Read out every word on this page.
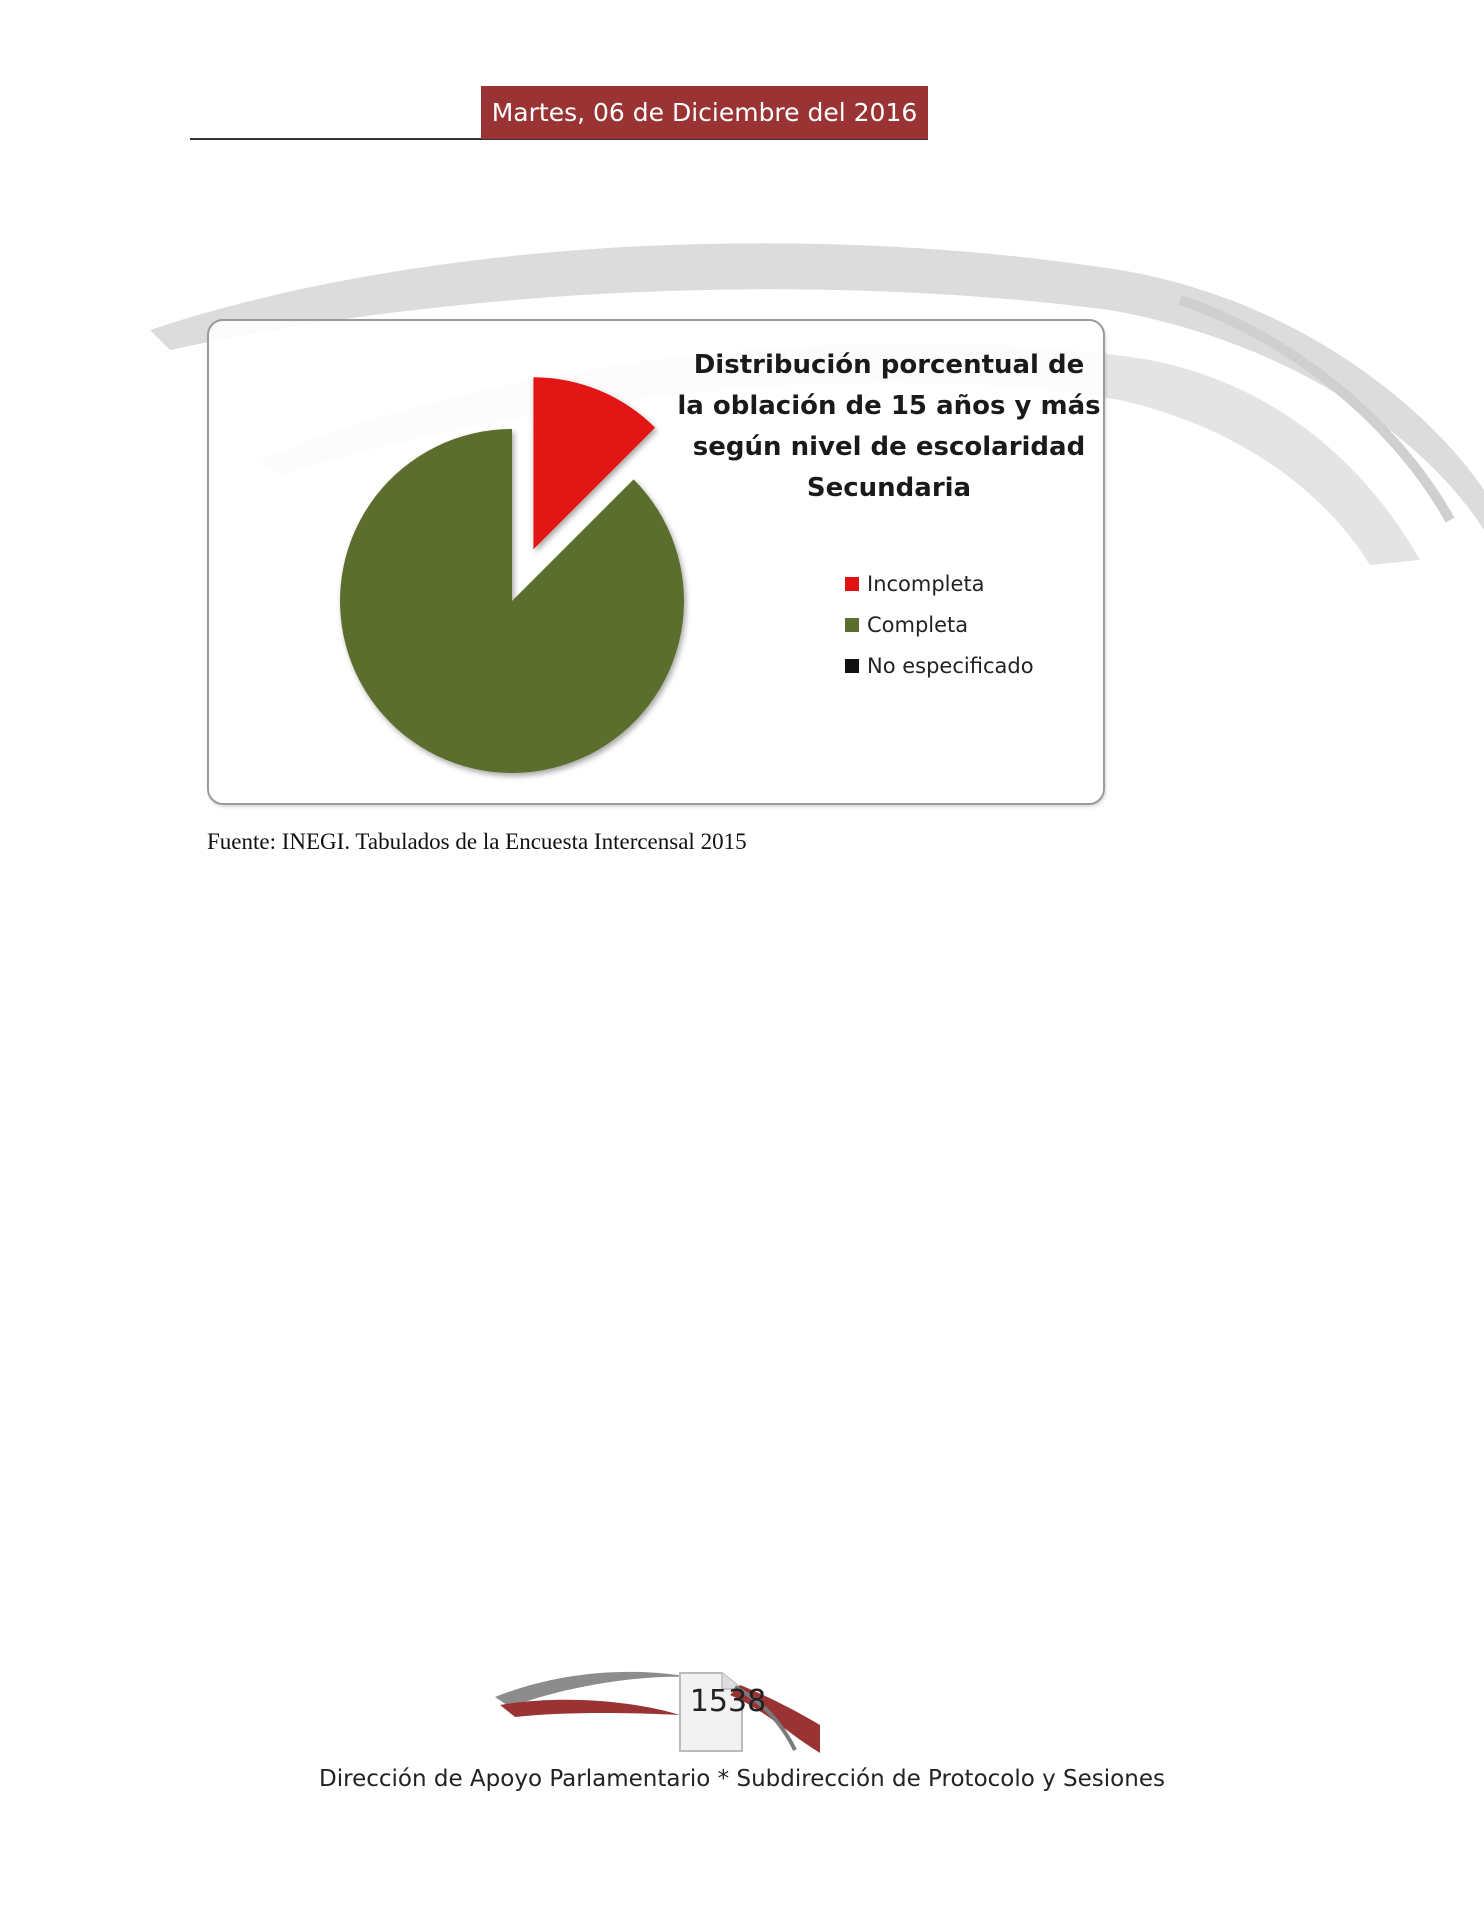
Martes, 06 de Diciembre del 2016
Distribución porcentual de la oblación de 15 años y más según nivel de escolaridad Secundaria
Incompleta
Completa
No especificado
Fuente: INEGI. Tabulados de la Encuesta Intercensal 2015
1538
Dirección de Apoyo Parlamentario * Subdirección de Protocolo y Sesiones
